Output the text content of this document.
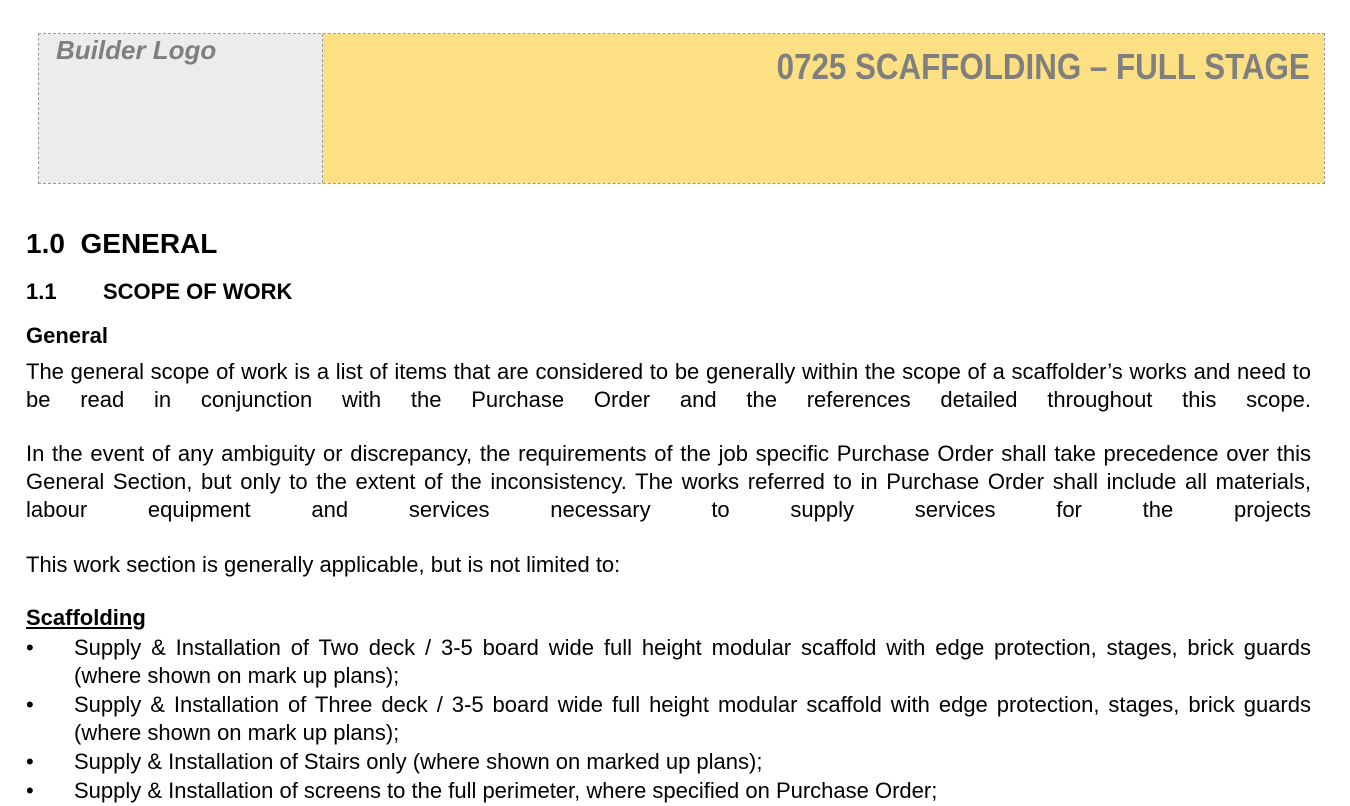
Builder Logo	0725 SCAFFOLDING – FULL STAGE
1.0  GENERAL
1.1 SCOPE OF WORK
General
The general scope of work is a list of items that are considered to be generally within the scope of a scaffolder’s works and need to be read in conjunction with the Purchase Order and the references detailed throughout this scope.
In the event of any ambiguity or discrepancy, the requirements of the job specific Purchase Order shall take precedence over this General Section, but only to the extent of the inconsistency. The works referred to in Purchase Order shall include all materials, labour equipment and services necessary to supply services for the projects
This work section is generally applicable, but is not limited to:
Scaffolding
•	Supply & Installation of Two deck / 3-5 board wide full height modular scaffold with edge protection, stages, brick guards (where shown on mark up plans);
•	Supply & Installation of Three deck / 3-5 board wide full height modular scaffold with edge protection, stages, brick guards (where shown on mark up plans);
•	Supply & Installation of Stairs only (where shown on marked up plans);
•	Supply & Installation of screens to the full perimeter, where specified on Purchase Order;
